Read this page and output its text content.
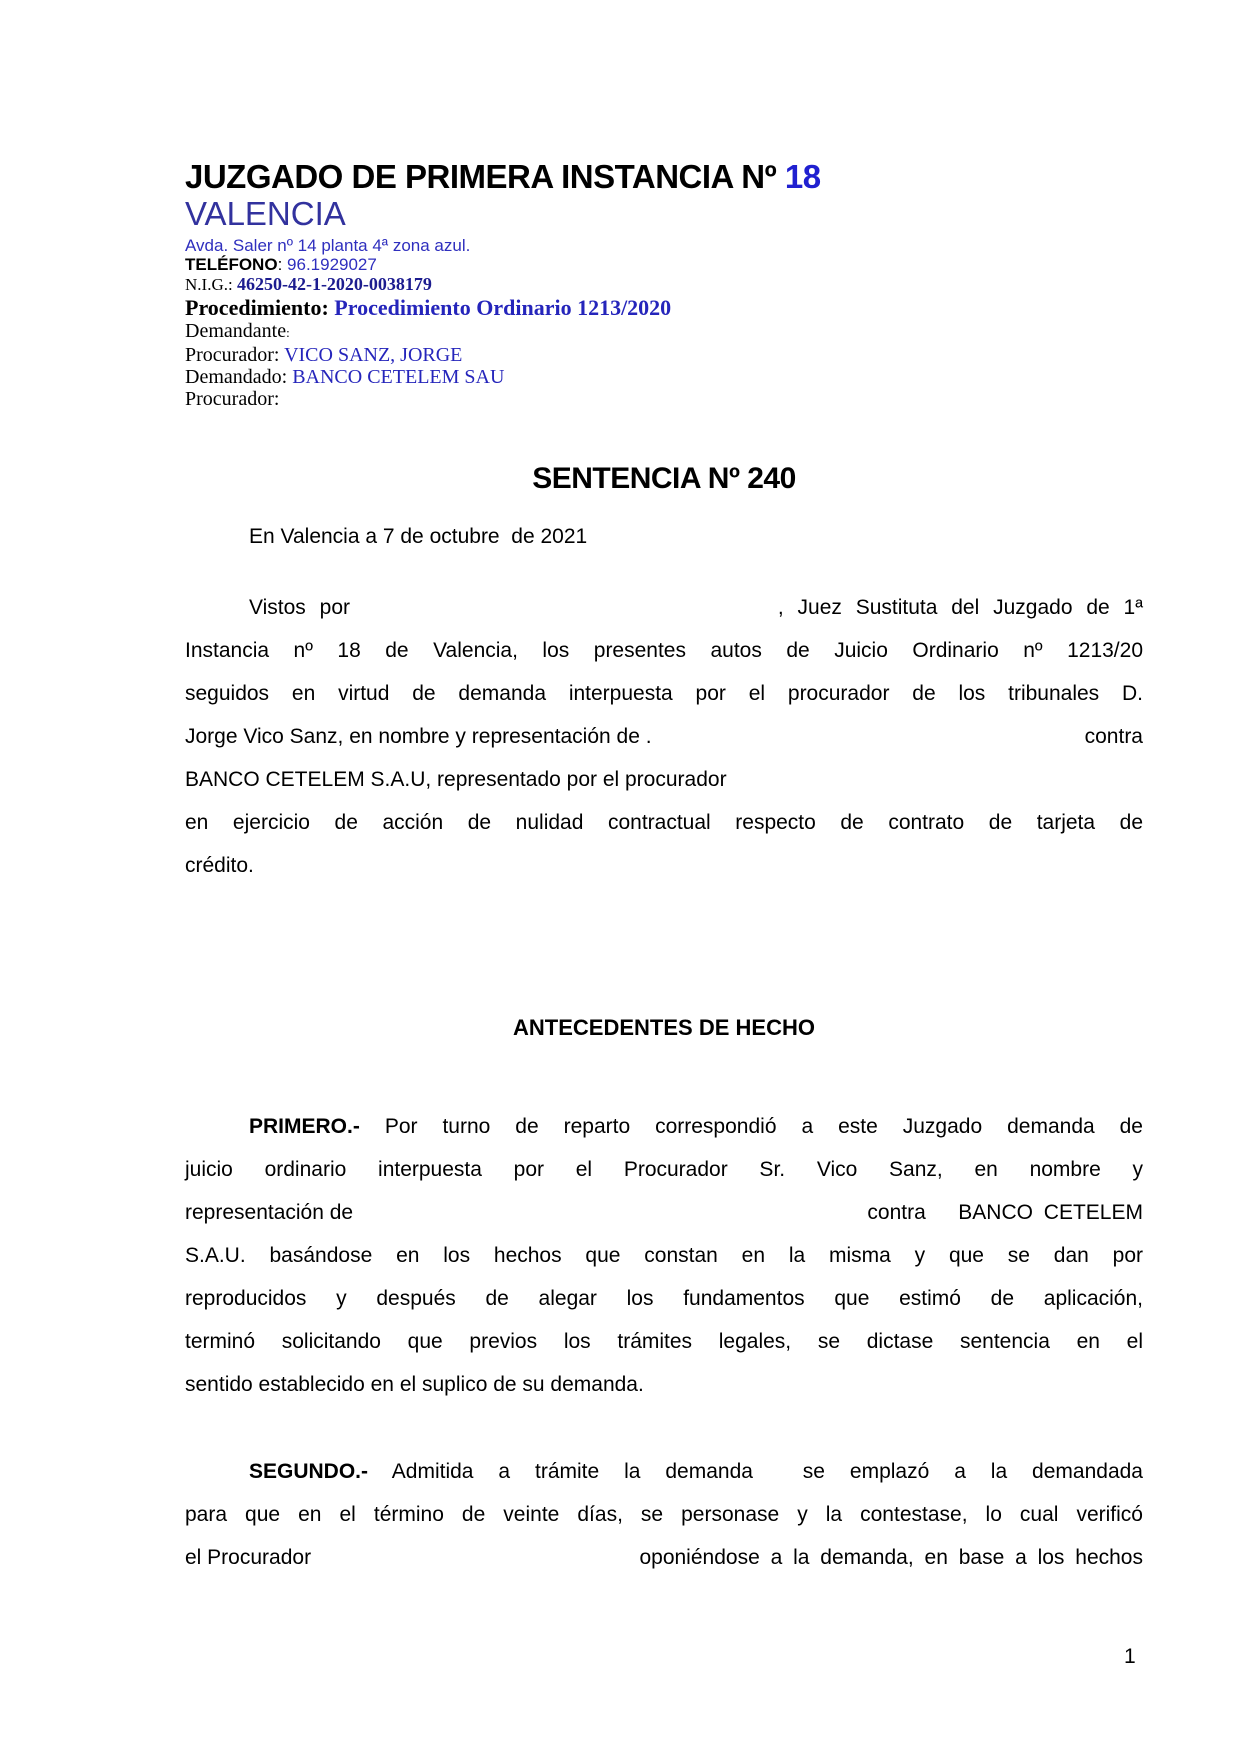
JUZGADO DE PRIMERA INSTANCIA Nº 18
VALENCIA
Avda. Saler nº 14 planta 4ª zona azul.
TELÉFONO: 96.1929027
N.I.G.: 46250-42-1-2020-0038179
Procedimiento: Procedimiento Ordinario 1213/2020
Demandante:
Procurador: VICO SANZ, JORGE
Demandado: BANCO CETELEM SAU
Procurador:
SENTENCIA Nº 240
En Valencia a 7 de octubre  de 2021
Vistos por	, Juez Sustituta del Juzgado de 1ª
Instancia nº 18 de Valencia, los presentes autos de Juicio Ordinario nº 1213/20
seguidos en virtud de demanda interpuesta por el procurador de los tribunales D.
Jorge Vico Sanz, en nombre y representación de .	contra
BANCO CETELEM S.A.U, representado por el procurador
en ejercicio de acción de nulidad contractual respecto de contrato de tarjeta de
crédito.
ANTECEDENTES DE HECHO
PRIMERO.- Por turno de reparto correspondió a este Juzgado demanda de
juicio ordinario interpuesta por el Procurador Sr. Vico Sanz, en nombre y
representación de	contra   BANCO CETELEM
S.A.U. basándose en los hechos que constan en la misma y que se dan por
reproducidos y después de alegar los fundamentos que estimó de aplicación,
terminó solicitando que previos los trámites legales, se dictase sentencia en el
sentido establecido en el suplico de su demanda.
SEGUNDO.- Admitida a trámite la demanda  se emplazó a la demandada
para que en el término de veinte días, se personase y la contestase, lo cual verificó
el Procurador	oponiéndose a la demanda, en base a los hechos
1
